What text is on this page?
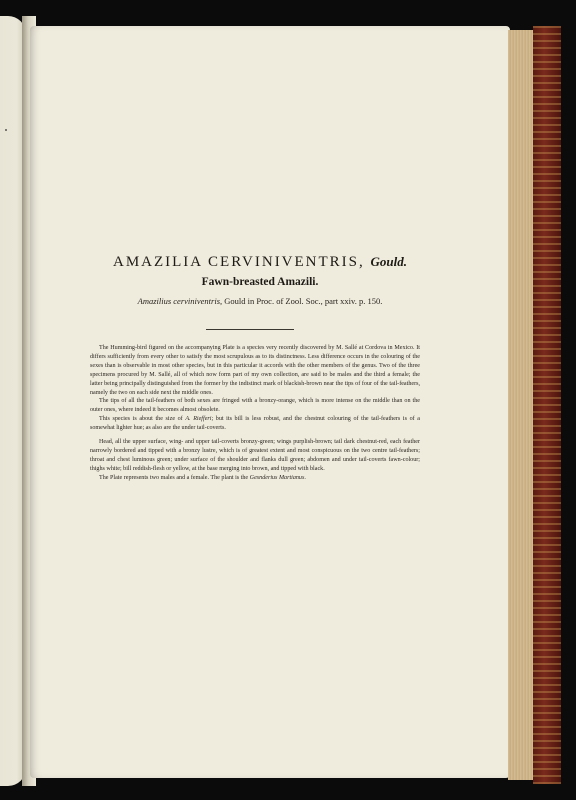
AMAZILIA CERVINIVENTRIS, Gould.
Fawn-breasted Amazili.
Amazilius cerviniventris, Gould in Proc. of Zool. Soc., part xxiv. p. 150.

The Humming-bird figured on the accompanying Plate is a species very recently discovered by M. Sallé at Cordova in Mexico. It differs sufficiently from every other to satisfy the most scrupulous as to its distinctness. Less difference occurs in the colouring of the sexes than is observable in most other species, but in this particular it accords with the other members of the genus. Two of the three specimens procured by M. Sallé, all of which now form part of my own collection, are said to be males and the third a female; the latter being principally distinguished from the former by the indistinct mark of blackish-brown near the tips of four of the tail-feathers, namely the two on each side next the middle ones.

The tips of all the tail-feathers of both sexes are fringed with a bronzy-orange, which is more intense on the middle than on the outer ones, where indeed it becomes almost obsolete.

This species is about the size of A. Riefferi; but its bill is less robust, and the chestnut colouring of the tail-feathers is of a somewhat lighter hue; as also are the under tail-coverts.

Head, all the upper surface, wing- and upper tail-coverts bronzy-green; wings purplish-brown; tail dark chestnut-red, each feather narrowly bordered and tipped with a bronzy lustre, which is of greatest extent and most conspicuous on the two centre tail-feathers; throat and chest luminous green; under surface of the shoulder and flanks dull green; abdomen and under tail-coverts fawn-colour; thighs white; bill reddish-flesh or yellow, at the base merging into brown, and tipped with black.

The Plate represents two males and a female. The plant is the Gesnderius Martianus.
